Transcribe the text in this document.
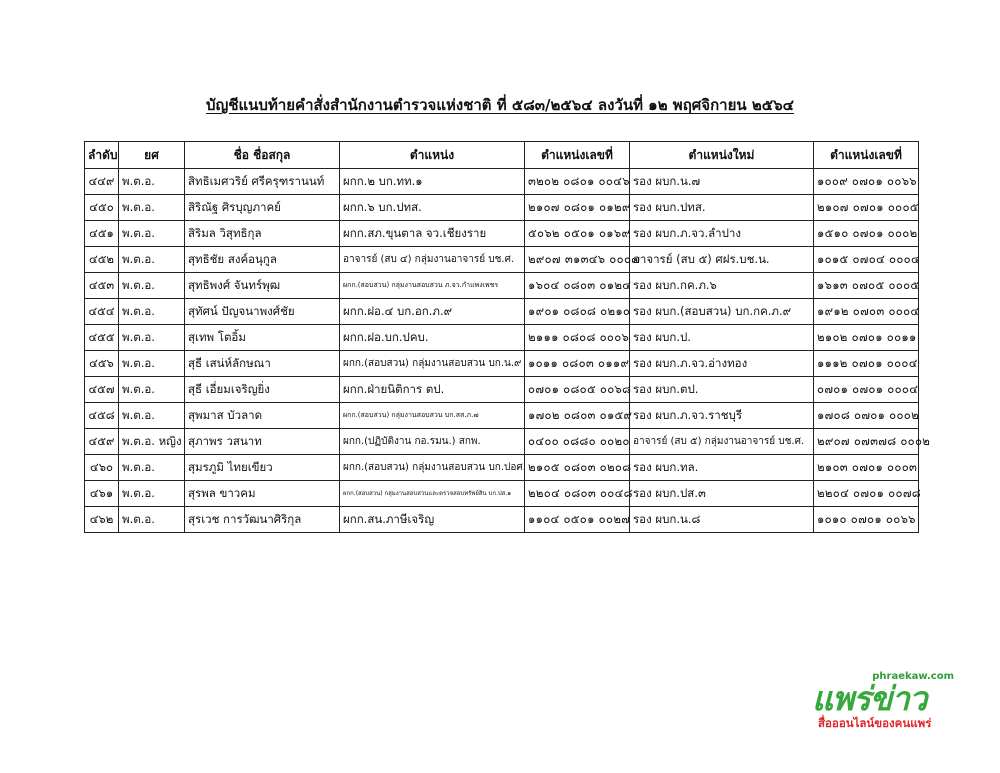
บัญชีแนบท้ายคำสั่งสำนักงานตำรวจแห่งชาติ ที่ ๕๘๓/๒๕๖๔ ลงวันที่ ๑๒ พฤศจิกายน ๒๕๖๔
ลำดับ	ยศ	ชื่อ ชื่อสกุล	ตำแหน่ง	ตำแหน่งเลขที่	ตำแหน่งใหม่	ตำแหน่งเลขที่
๔๔๙	พ.ต.อ.	สิทธิเมศวริย์ ศรีครุฑรานนท์	ผกก.๒ บก.ทท.๑	๓๒๐๒ ๐๘๐๑ ๐๐๔๖	รอง ผบก.น.๗	๑๐๐๙ ๐๗๐๑ ๐๐๖๖
๔๕๐	พ.ต.อ.	สิริณัฐ ศิรบุญภาคย์	ผกก.๖ บก.ปทส.	๒๑๐๗ ๐๘๐๑ ๐๑๒๙	รอง ผบก.ปทส.	๒๑๐๗ ๐๗๐๑ ๐๐๐๕
๔๕๑	พ.ต.อ.	สิริมล วิสุทธิกุล	ผกก.สภ.ขุนตาล จว.เชียงราย	๕๐๖๒ ๐๕๐๑ ๐๑๖๙	รอง ผบก.ภ.จว.ลำปาง	๑๕๑๐ ๐๗๐๑ ๐๐๐๒
๔๕๒	พ.ต.อ.	สุทธิชัย สงค์อนุกูล	อาจารย์ (สบ ๔) กลุ่มงานอาจารย์ บช.ศ.	๒๙๐๗ ๓๑๓๔๖ ๐๐๐๗	อาจารย์ (สบ ๕) ศฝร.บช.น.	๑๐๑๕ ๐๗๐๔ ๐๐๐๔
๔๕๓	พ.ต.อ.	สุทธิพงศ์ จันทร์พุฒ	ผกก.(สอบสวน) กลุ่มงานสอบสวน ภ.จว.กำแพงเพชร	๑๖๐๔ ๐๘๐๓ ๐๑๒๔	รอง ผบก.กค.ภ.๖	๑๖๑๓ ๐๗๐๕ ๐๐๐๕
๔๕๔	พ.ต.อ.	สุทัศน์ ปัญจนาพงศ์ชัย	ผกก.ฝอ.๔ บก.อก.ภ.๙	๑๙๐๑ ๐๘๐๘ ๐๒๑๐	รอง ผบก.(สอบสวน) บก.กค.ภ.๙	๑๙๑๒ ๐๗๐๓ ๐๐๐๔
๔๕๕	พ.ต.อ.	สุเทพ โตอิ้ม	ผกก.ฝอ.บก.ปคบ.	๒๑๑๑ ๐๘๐๘ ๐๐๐๖	รอง ผบก.ป.	๒๑๐๒ ๐๗๐๑ ๐๐๑๑
๔๕๖	พ.ต.อ.	สุธี เสน่ห์ลักษณา	ผกก.(สอบสวน) กลุ่มงานสอบสวน บก.น.๙	๑๐๑๑ ๐๘๐๓ ๐๑๑๙	รอง ผบก.ภ.จว.อ่างทอง	๑๑๑๒ ๐๗๐๑ ๐๐๐๔
๔๕๗	พ.ต.อ.	สุธี เอี่ยมเจริญยิ่ง	ผกก.ฝ่ายนิติการ ตป.	๐๗๐๑ ๐๘๐๕ ๐๐๖๘	รอง ผบก.ตป.	๐๗๐๑ ๐๗๐๑ ๐๐๐๔
๔๕๘	พ.ต.อ.	สุพมาส บัวลาด	ผกก.(สอบสวน) กลุ่มงานสอบสวน บก.สส.ภ.๗	๑๗๐๒ ๐๘๐๓ ๐๑๕๙	รอง ผบก.ภ.จว.ราชบุรี	๑๗๐๘ ๐๗๐๑ ๐๐๐๒
๔๕๙	พ.ต.อ. หญิง	สุภาพร วสนาท	ผกก.(ปฏิบัติงาน กอ.รมน.) สกพ.	๐๔๐๐ ๐๘๘๐ ๐๐๒๐	อาจารย์ (สบ ๕) กลุ่มงานอาจารย์ บช.ศ.	๒๙๐๗ ๐๗๓๗๘ ๐๐๐๒
๔๖๐	พ.ต.อ.	สุมรภูมิ ไทยเขียว	ผกก.(สอบสวน) กลุ่มงานสอบสวน บก.ปอศ.	๒๑๐๕ ๐๘๐๓ ๐๒๐๘	รอง ผบก.ทล.	๒๑๐๓ ๐๗๐๑ ๐๐๐๓
๔๖๑	พ.ต.อ.	สุรพล ขาวคม	ผกก.(สอบสวน) กลุ่มงานสอบสวนและตรวจสอบทรัพย์สิน บก.ปส.๑	๒๒๐๔ ๐๘๐๓ ๐๐๔๘	รอง ผบก.ปส.๓	๒๒๐๔ ๐๗๐๑ ๐๐๗๘
๔๖๒	พ.ต.อ.	สุรเวช การวัฒนาศิริกุล	ผกก.สน.ภาษีเจริญ	๑๑๐๔ ๐๕๐๑ ๐๐๒๗	รอง ผบก.น.๘	๑๐๑๐ ๐๗๐๑ ๐๐๖๖
phraekaw.com
แพร่ข่าว
สื่อออนไลน์ของคนแพร่
